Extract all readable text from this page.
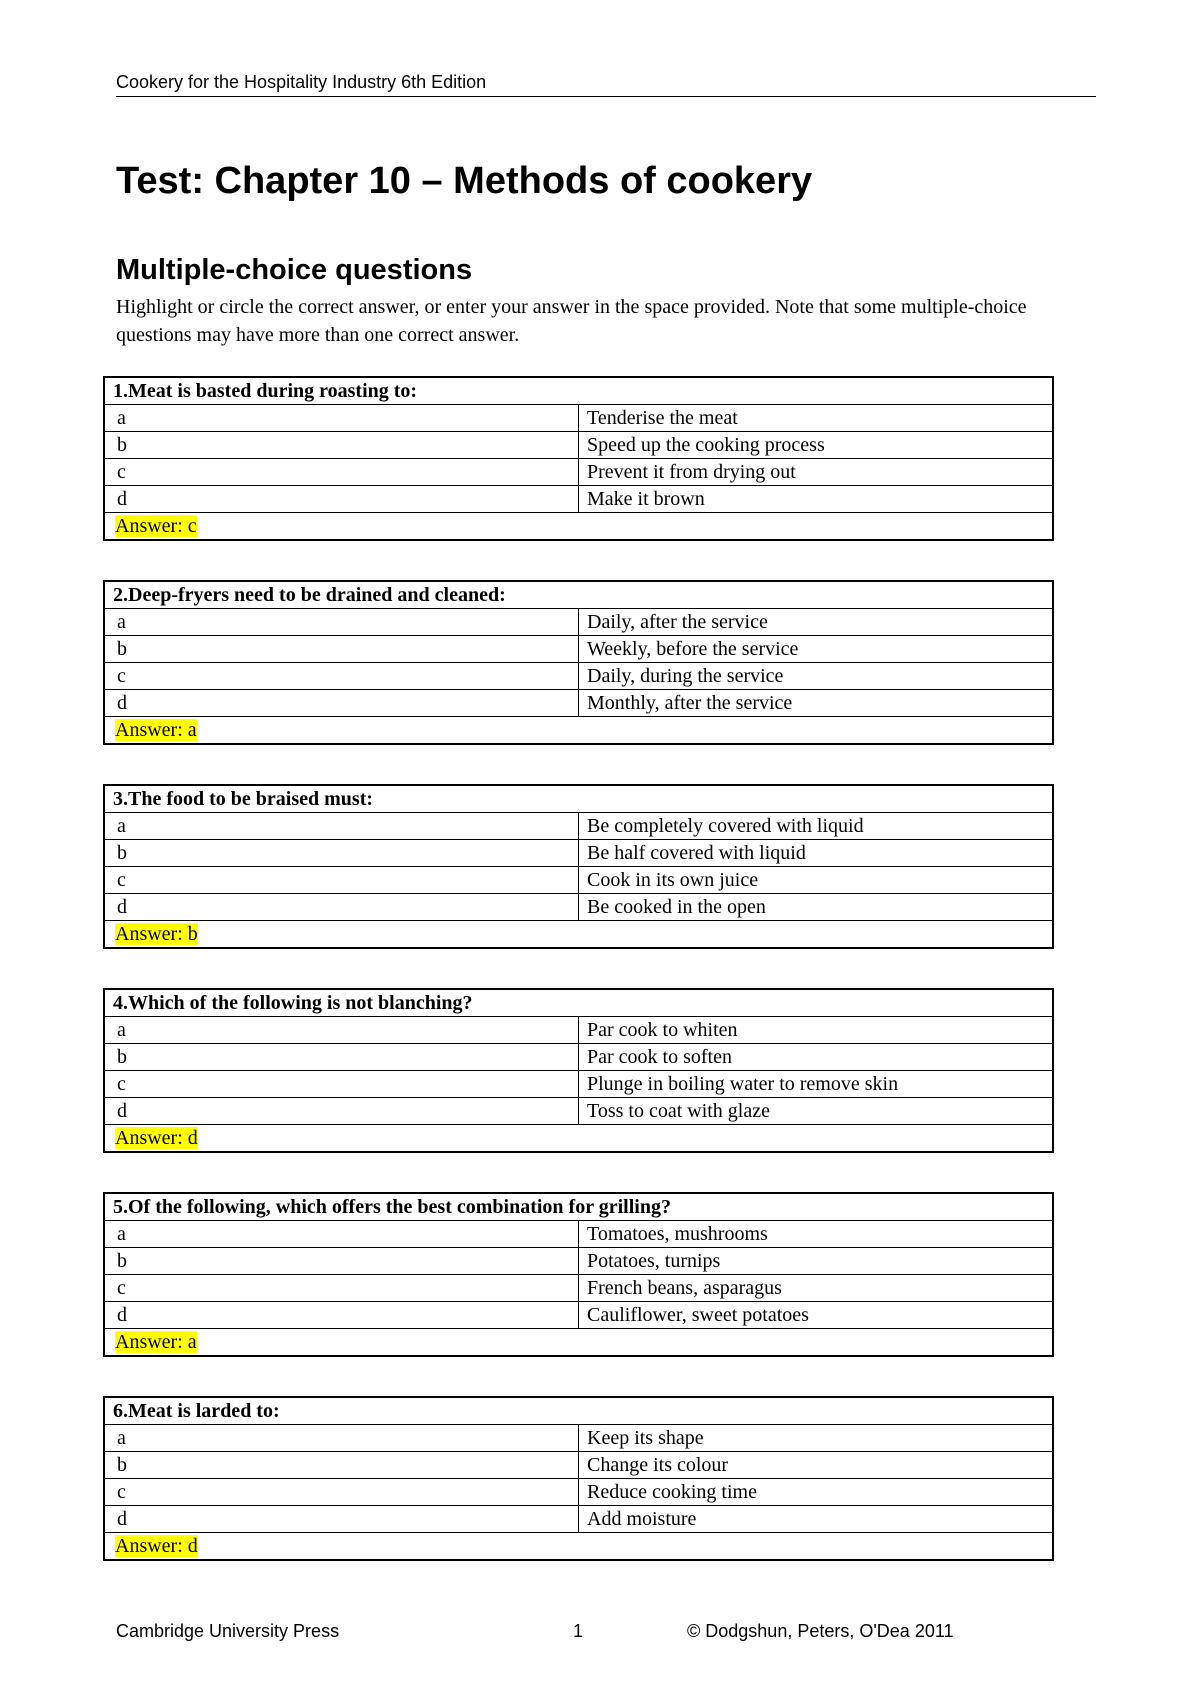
Cookery for the Hospitality Industry 6th Edition
Test: Chapter 10 – Methods of cookery
Multiple-choice questions

Highlight or circle the correct answer, or enter your answer in the space provided. Note that some multiple-choice questions may have more than one correct answer.

1.Meat is basted during roasting to:	
a	Tenderise the meat
b	Speed up the cooking process
c	Prevent it from drying out
d	Make it brown
Answer: c	
2.Deep-fryers need to be drained and cleaned:	
a	Daily, after the service
b	Weekly, before the service
c	Daily, during the service
d	Monthly, after the service
Answer: a	
3.The food to be braised must:	
a	Be completely covered with liquid
b	Be half covered with liquid
c	Cook in its own juice
d	Be cooked in the open
Answer: b	
4.Which of the following is not blanching?	
a	Par cook to whiten
b	Par cook to soften
c	Plunge in boiling water to remove skin
d	Toss to coat with glaze
Answer: d	
5.Of the following, which offers the best combination for grilling?	
a	Tomatoes, mushrooms
b	Potatoes, turnips
c	French beans, asparagus
d	Cauliflower, sweet potatoes
Answer: a	
6.Meat is larded to:	
a	Keep its shape
b	Change its colour
c	Reduce cooking time
d	Add moisture
Answer: d	
Cambridge University Press	1	© Dodgshun, Peters, O'Dea 2011
